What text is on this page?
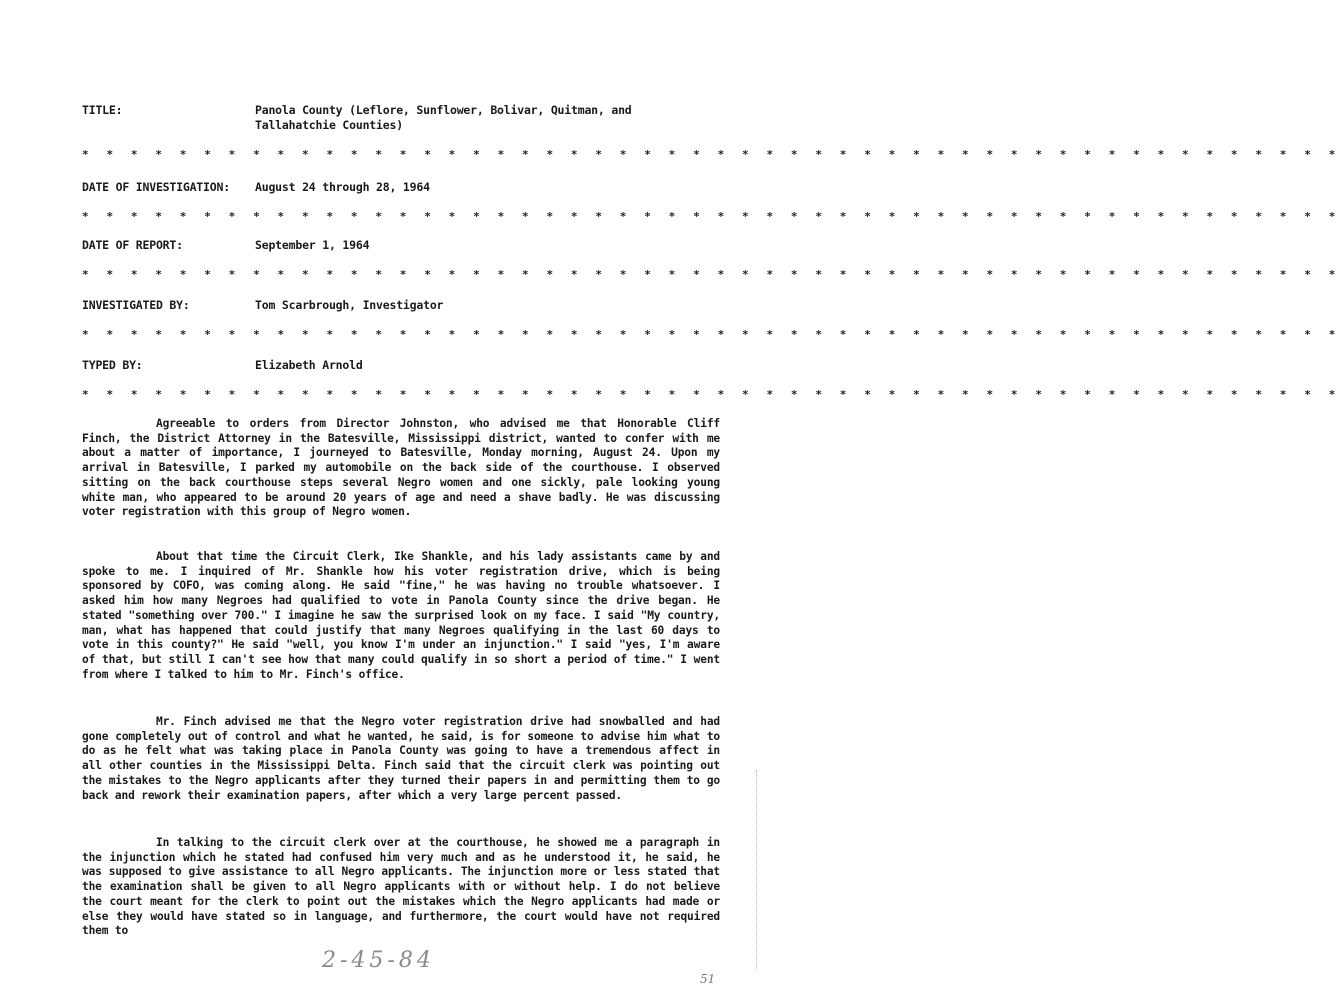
TITLE:	Panola County (Leflore, Sunflower, Bolivar, Quitman, and
Tallahatchie Counties)
* * * * * * * * * * * * * * * * * * * * * * * * * * * * * * * * * * * * * * * * * * * * * * * * * * * *
DATE OF INVESTIGATION: August 24 through 28, 1964
* * * * * * * * * * * * * * * * * * * * * * * * * * * * * * * * * * * * * * * * * * * * * * * * * * * *
DATE OF REPORT:	September 1, 1964
* * * * * * * * * * * * * * * * * * * * * * * * * * * * * * * * * * * * * * * * * * * * * * * * * * * *
INVESTIGATED BY:	Tom Scarbrough, Investigator
* * * * * * * * * * * * * * * * * * * * * * * * * * * * * * * * * * * * * * * * * * * * * * * * * * * *
TYPED BY:	Elizabeth Arnold
* * * * * * * * * * * * * * * * * * * * * * * * * * * * * * * * * * * * * * * * * * * * * * * * * * * *

Agreeable to orders from Director Johnston, who advised me that Honorable Cliff Finch, the District Attorney in the Batesville, Mississippi district, wanted to confer with me about a matter of importance, I journeyed to Batesville, Monday morning, August 24. Upon my arrival in Batesville, I parked my automobile on the back side of the courthouse. I observed sitting on the back courthouse steps several Negro women and one sickly, pale looking young white man, who appeared to be around 20 years of age and need a shave badly. He was discussing voter registration with this group of Negro women.

About that time the Circuit Clerk, Ike Shankle, and his lady assistants came by and spoke to me. I inquired of Mr. Shankle how his voter registration drive, which is being sponsored by COFO, was coming along. He said "fine," he was having no trouble whatsoever. I asked him how many Negroes had qualified to vote in Panola County since the drive began. He stated "something over 700." I imagine he saw the surprised look on my face. I said "My country, man, what has happened that could justify that many Negroes qualifying in the last 60 days to vote in this county?" He said "well, you know I'm under an injunction." I said "yes, I'm aware of that, but still I can't see how that many could qualify in so short a period of time." I went from where I talked to him to Mr. Finch's office.

Mr. Finch advised me that the Negro voter registration drive had snowballed and had gone completely out of control and what he wanted, he said, is for someone to advise him what to do as he felt what was taking place in Panola County was going to have a tremendous affect in all other counties in the Mississippi Delta. Finch said that the circuit clerk was pointing out the mistakes to the Negro applicants after they turned their papers in and permitting them to go back and rework their examination papers, after which a very large percent passed.

In talking to the circuit clerk over at the courthouse, he showed me a paragraph in the injunction which he stated had confused him very much and as he understood it, he said, he was supposed to give assistance to all Negro applicants. The injunction more or less stated that the examination shall be given to all Negro applicants with or without help. I do not believe the court meant for the clerk to point out the mistakes which the Negro applicants had made or else they would have stated so in language, and furthermore, the court would have not required them to

2-45-84
51
